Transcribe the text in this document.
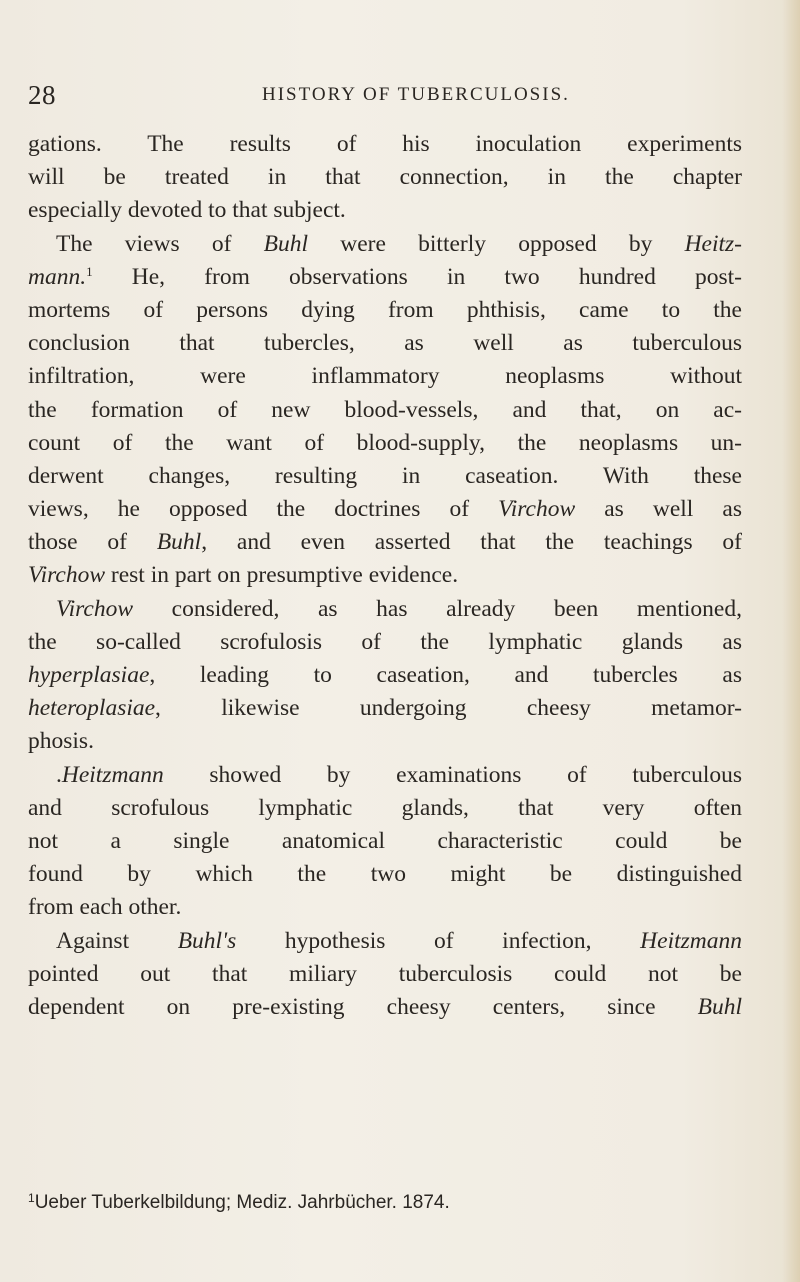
28	HISTORY OF TUBERCULOSIS.
gations. The results of his inoculation experiments
will be treated in that connection, in the chapter
especially devoted to that subject.
The views of Buhl were bitterly opposed by Heitz-
mann.$^1$ He, from observations in two hundred post-
mortems of persons dying from phthisis, came to the
conclusion that tubercles, as well as tuberculous
infiltration, were inflammatory neoplasms without
the formation of new blood-vessels, and that, on ac-
count of the want of blood-supply, the neoplasms un-
derwent changes, resulting in caseation. With these
views, he opposed the doctrines of Virchow as well as
those of Buhl, and even asserted that the teachings of
Virchow rest in part on presumptive evidence.
Virchow considered, as has already been mentioned,
the so-called scrofulosis of the lymphatic glands as
hyperplasiae, leading to caseation, and tubercles as
heteroplasiae, likewise undergoing cheesy metamor-
phosis.
.Heitzmann showed by examinations of tuberculous
and scrofulous lymphatic glands, that very often
not a single anatomical characteristic could be
found by which the two might be distinguished
from each other.
Against Buhl's hypothesis of infection, Heitzmann
pointed out that miliary tuberculosis could not be
dependent on pre-existing cheesy centers, since Buhl
$^1$Ueber Tuberkelbildung; Mediz. Jahrbücher. 1874.
